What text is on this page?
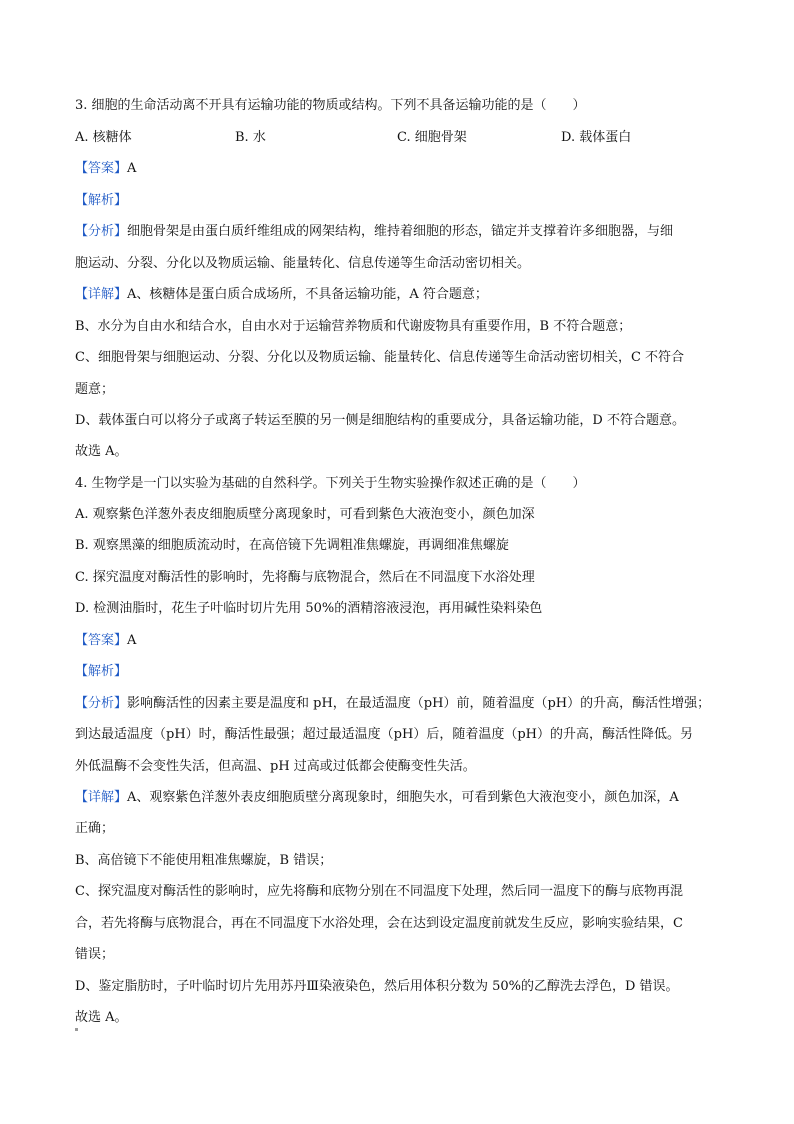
3. 细胞的生命活动离不开具有运输功能的物质或结构。下列不具备运输功能的是（　　）
A. 核糖体	B. 水	C. 细胞骨架	D. 载体蛋白
【答案】A
【解析】
【分析】细胞骨架是由蛋白质纤维组成的网架结构，维持着细胞的形态，锚定并支撑着许多细胞器，与细
胞运动、分裂、分化以及物质运输、能量转化、信息传递等生命活动密切相关。
【详解】A、核糖体是蛋白质合成场所，不具备运输功能，A 符合题意；
B、水分为自由水和结合水，自由水对于运输营养物质和代谢废物具有重要作用，B 不符合题意；
C、细胞骨架与细胞运动、分裂、分化以及物质运输、能量转化、信息传递等生命活动密切相关，C 不符合
题意；
D、载体蛋白可以将分子或离子转运至膜的另一侧是细胞结构的重要成分，具备运输功能，D 不符合题意。
故选 A。
4. 生物学是一门以实验为基础的自然科学。下列关于生物实验操作叙述正确的是（　　）
A. 观察紫色洋葱外表皮细胞质壁分离现象时，可看到紫色大液泡变小，颜色加深
B. 观察黑藻的细胞质流动时，在高倍镜下先调粗准焦螺旋，再调细准焦螺旋
C. 探究温度对酶活性的影响时，先将酶与底物混合，然后在不同温度下水浴处理
D. 检测油脂时，花生子叶临时切片先用 50%的酒精溶液浸泡，再用碱性染料染色
【答案】A
【解析】
【分析】影响酶活性的因素主要是温度和 pH，在最适温度（pH）前，随着温度（pH）的升高，酶活性增强；
到达最适温度（pH）时，酶活性最强；超过最适温度（pH）后，随着温度（pH）的升高，酶活性降低。另
外低温酶不会变性失活，但高温、pH 过高或过低都会使酶变性失活。
【详解】A、观察紫色洋葱外表皮细胞质壁分离现象时，细胞失水，可看到紫色大液泡变小，颜色加深，A
正确；
B、高倍镜下不能使用粗准焦螺旋，B 错误；
C、探究温度对酶活性的影响时，应先将酶和底物分别在不同温度下处理，然后同一温度下的酶与底物再混
合，若先将酶与底物混合，再在不同温度下水浴处理，会在达到设定温度前就发生反应，影响实验结果，C
错误；
D、鉴定脂肪时，子叶临时切片先用苏丹Ⅲ染液染色，然后用体积分数为 50%的乙醇洗去浮色，D 错误。
故选 A。
